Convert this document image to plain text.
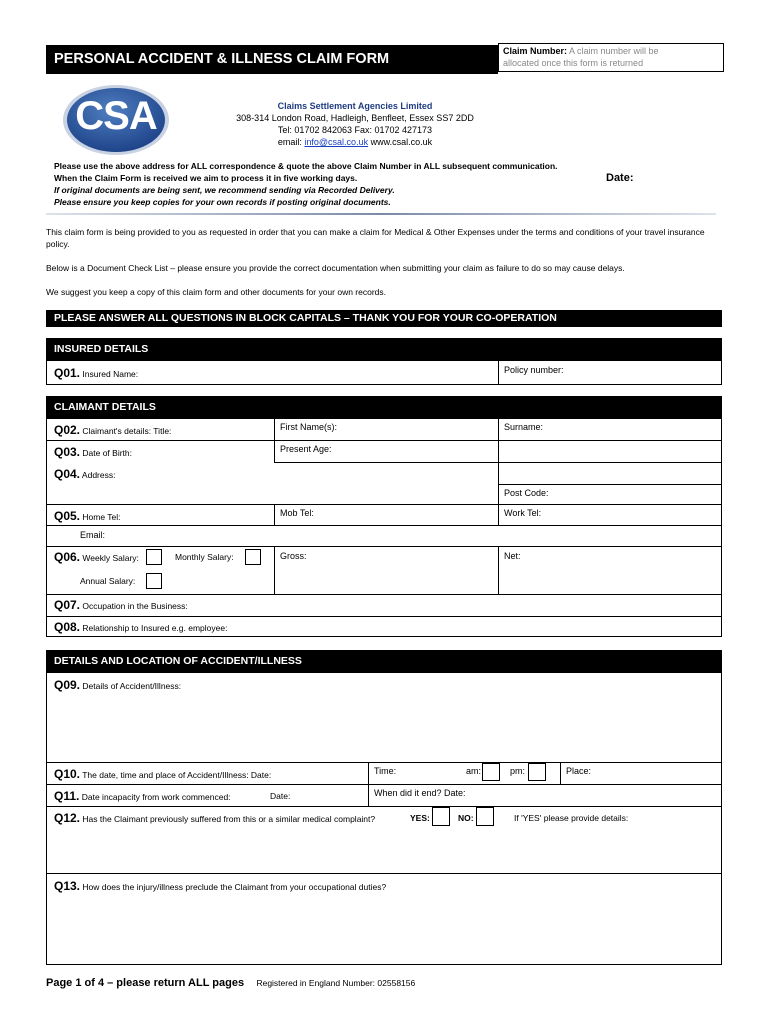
PERSONAL ACCIDENT & ILLNESS CLAIM FORM	Claim Number: A claim number will be
allocated once this form is returned
CSA	Claims Settlement Agencies Limited
308-314 London Road, Hadleigh, Benfleet, Essex SS7 2DD
Tel: 01702 842063 Fax: 01702 427173
email: info@csal.co.uk www.csal.co.uk
Please use the above address for ALL correspondence & quote the above Claim Number in ALL subsequent communication.
When the Claim Form is received we aim to process it in five working days.
If original documents are being sent, we recommend sending via Recorded Delivery.
Please ensure you keep copies for your own records if posting original documents.
Date:
This claim form is being provided to you as requested in order that you can make a claim for Medical & Other Expenses under the terms and conditions of your travel insurance policy.
Below is a Document Check List – please ensure you provide the correct documentation when submitting your claim as failure to do so may cause delays.
We suggest you keep a copy of this claim form and other documents for your own records.
PLEASE ANSWER ALL QUESTIONS IN BLOCK CAPITALS – THANK YOU FOR YOUR CO-OPERATION
INSURED DETAILS
Q01. Insured Name:	Policy number:
CLAIMANT DETAILS
Q02. Claimant's details: Title:	First Name(s):	Surname:
Q03. Date of Birth:	Present Age:
Q04. Address:
Post Code:
Q05. Home Tel:	Mob Tel:	Work Tel:
Email:
Q06. Weekly Salary:	Monthly Salary:	Gross:	Net:
Annual Salary:
Q07. Occupation in the Business:
Q08. Relationship to Insured e.g. employee:
DETAILS AND LOCATION OF ACCIDENT/ILLNESS
Q09. Details of Accident/Illness:
Q10. The date, time and place of Accident/Illness: Date:	Time:	am:	pm:	Place:
Q11. Date incapacity from work commenced:	Date:	When did it end? Date:
Q12. Has the Claimant previously suffered from this or a similar medical complaint?	YES:	NO:	If 'YES' please provide details:
Q13. How does the injury/illness preclude the Claimant from your occupational duties?
Page 1 of 4 – please return ALL pages Registered in England Number: 02558156
